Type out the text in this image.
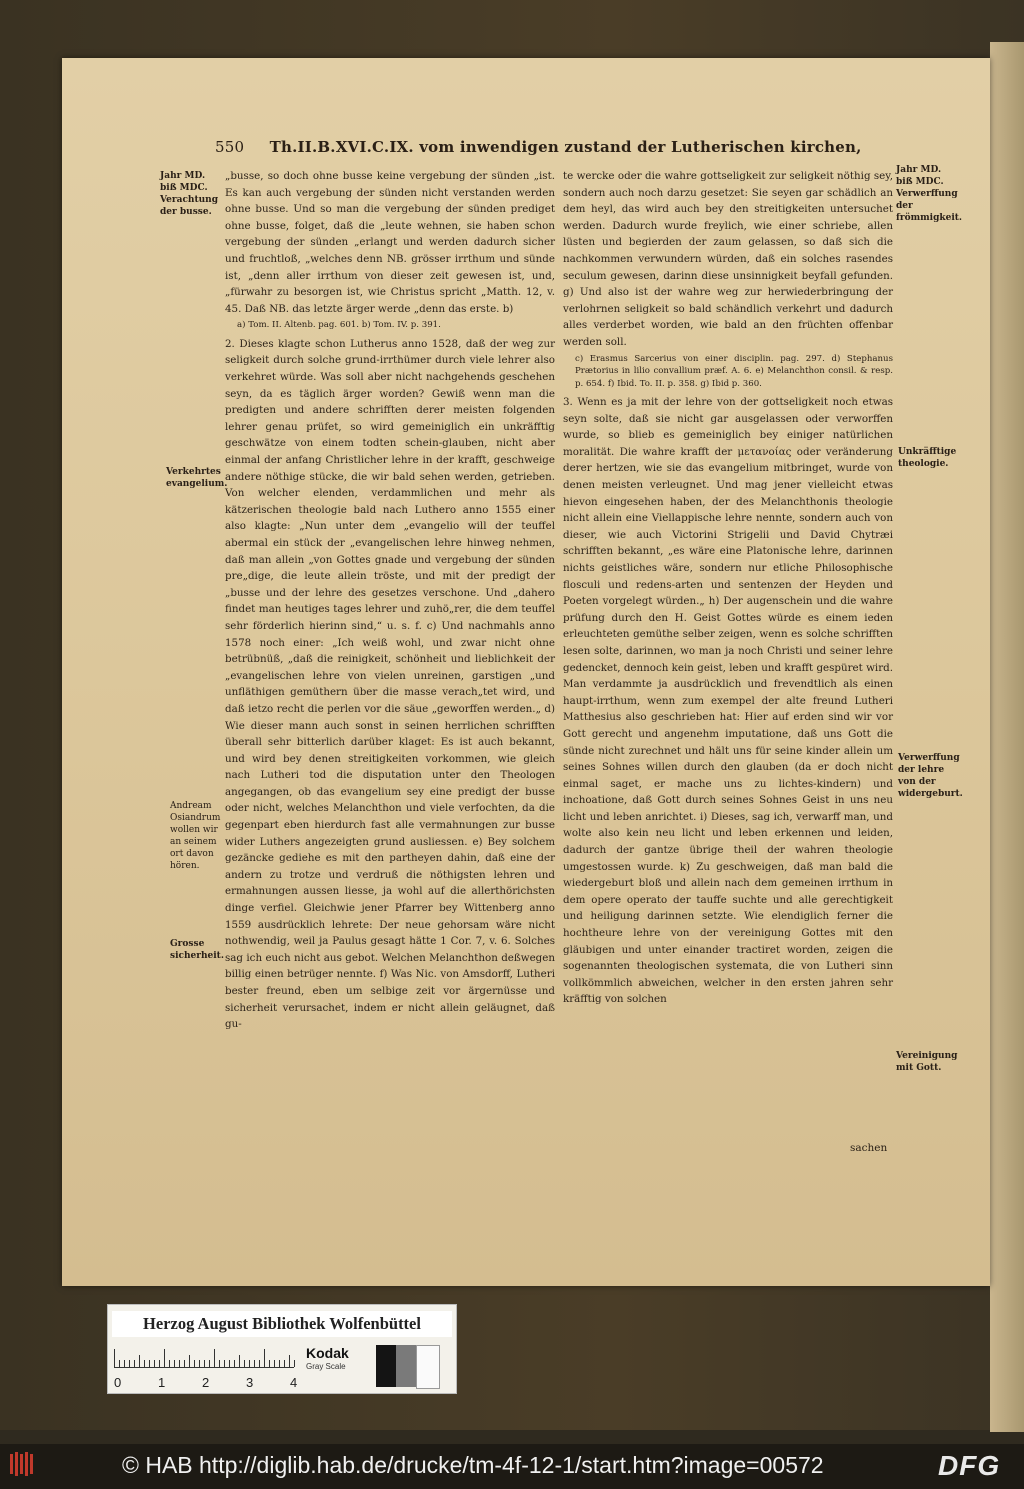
550 Th.II.B.XVI.C.IX. vom inwendigen zustand der Lutherischen kirchen,
Jahr MD. biß MDC. Verachtung der busse.
Verkehrtes evangelium.
Andream Osiandrum wollen wir an seinem ort davon hören.
Grosse sicherheit.
Jahr MD. biß MDC. Verwerffung der frömmigkeit.
Unkräfftige theologie.
Verwerffung der lehre von der widergeburt.
Vereinigung mit Gott.

„busse, so doch ohne busse keine vergebung der sünden „ist. Es kan auch vergebung der sünden nicht verstanden werden ohne busse. Und so man die vergebung der sünden prediget ohne busse, folget, daß die „leute wehnen, sie haben schon vergebung der sünden „erlangt und werden dadurch sicher und fruchtloß, „welches denn NB. grösser irrthum und sünde ist, „denn aller irrthum von dieser zeit gewesen ist, und, „fürwahr zu besorgen ist, wie Christus spricht „Matth. 12, v. 45. Daß NB. das letzte ärger werde „denn das erste. b)

a) Tom. II. Altenb. pag. 601. b) Tom. IV. p. 391.

2. Dieses klagte schon Lutherus anno 1528, daß der weg zur seligkeit durch solche grund-irrthümer durch viele lehrer also verkehret würde. Was soll aber nicht nachgehends geschehen seyn, da es täglich ärger worden? Gewiß wenn man die predigten und andere schrifften derer meisten folgenden lehrer genau prüfet, so wird gemeiniglich ein unkräfftig geschwätze von einem todten schein-glauben, nicht aber einmal der anfang Christlicher lehre in der krafft, geschweige andere nöthige stücke, die wir bald sehen werden, getrieben. Von welcher elenden, verdammlichen und mehr als kätzerischen theologie bald nach Luthero anno 1555 einer also klagte: „Nun unter dem „evangelio will der teuffel abermal ein stück der „evangelischen lehre hinweg nehmen, daß man allein „von Gottes gnade und vergebung der sünden pre„dige, die leute allein tröste, und mit der predigt der „busse und der lehre des gesetzes verschone. Und „dahero findet man heutiges tages lehrer und zuhö„rer, die dem teuffel sehr förderlich hierinn sind,“ u. s. f. c) Und nachmahls anno 1578 noch einer: „Ich weiß wohl, und zwar nicht ohne betrübnüß, „daß die reinigkeit, schönheit und lieblichkeit der „evangelischen lehre von vielen unreinen, garstigen „und unfläthigen gemüthern über die masse verach„tet wird, und daß ietzo recht die perlen vor die säue „geworffen werden.„ d) Wie dieser mann auch sonst in seinen herrlichen schrifften überall sehr bitterlich darüber klaget: Es ist auch bekannt, und wird bey denen streitigkeiten vorkommen, wie gleich nach Lutheri tod die disputation unter den Theologen angegangen, ob das evangelium sey eine predigt der busse oder nicht, welches Melanchthon und viele verfochten, da die gegenpart eben hierdurch fast alle vermahnungen zur busse wider Luthers angezeigten grund ausliessen. e) Bey solchem gezäncke gediehe es mit den partheyen dahin, daß eine der andern zu trotze und verdruß die nöthigsten lehren und ermahnungen aussen liesse, ja wohl auf die allerthörichsten dinge verfiel. Gleichwie jener Pfarrer bey Wittenberg anno 1559 ausdrücklich lehrete: Der neue gehorsam wäre nicht nothwendig, weil ja Paulus gesagt hätte 1 Cor. 7, v. 6. Solches sag ich euch nicht aus gebot. Welchen Melanchthon deßwegen billig einen betrüger nennte. f) Was Nic. von Amsdorff, Lutheri bester freund, eben um selbige zeit vor ärgernüsse und sicherheit verursachet, indem er nicht allein geläugnet, daß gu-

te wercke oder die wahre gottseligkeit zur seligkeit nöthig sey, sondern auch noch darzu gesetzet: Sie seyen gar schädlich an dem heyl, das wird auch bey den streitigkeiten untersuchet werden. Dadurch wurde freylich, wie einer schriebe, allen lüsten und begierden der zaum gelassen, so daß sich die nachkommen verwundern würden, daß ein solches rasendes seculum gewesen, darinn diese unsinnigkeit beyfall gefunden. g) Und also ist der wahre weg zur herwiederbringung der verlohrnen seligkeit so bald schändlich verkehrt und dadurch alles verderbet worden, wie bald an den früchten offenbar werden soll.

c) Erasmus Sarcerius von einer disciplin. pag. 297. d) Stephanus Prætorius in lilio convallium præf. A. 6. e) Melanchthon consil. & resp. p. 654. f) Ibid. To. II. p. 358. g) Ibid p. 360.

3. Wenn es ja mit der lehre von der gottseligkeit noch etwas seyn solte, daß sie nicht gar ausgelassen oder verworffen wurde, so blieb es gemeiniglich bey einiger natürlichen moralität. Die wahre krafft der μετανοίας oder veränderung derer hertzen, wie sie das evangelium mitbringet, wurde von denen meisten verleugnet. Und mag jener vielleicht etwas hievon eingesehen haben, der des Melanchthonis theologie nicht allein eine Viellappische lehre nennte, sondern auch von dieser, wie auch Victorini Strigelii und David Chytræi schrifften bekannt, „es wäre eine Platonische lehre, darinnen nichts geistliches wäre, sondern nur etliche Philosophische flosculi und redens-arten und sentenzen der Heyden und Poeten vorgelegt würden.„ h) Der augenschein und die wahre prüfung durch den H. Geist Gottes würde es einem ieden erleuchteten gemüthe selber zeigen, wenn es solche schrifften lesen solte, darinnen, wo man ja noch Christi und seiner lehre gedencket, dennoch kein geist, leben und krafft gespüret wird. Man verdammte ja ausdrücklich und frevendtlich als einen haupt-irrthum, wenn zum exempel der alte freund Lutheri Matthesius also geschrieben hat: Hier auf erden sind wir vor Gott gerecht und angenehm imputatione, daß uns Gott die sünde nicht zurechnet und hält uns für seine kinder allein um seines Sohnes willen durch den glauben (da er doch nicht einmal saget, er mache uns zu lichtes-kindern) und inchoatione, daß Gott durch seines Sohnes Geist in uns neu licht und leben anrichtet. i) Dieses, sag ich, verwarff man, und wolte also kein neu licht und leben erkennen und leiden, dadurch der gantze übrige theil der wahren theologie umgestossen wurde. k) Zu geschweigen, daß man bald die wiedergeburt bloß und allein nach dem gemeinen irrthum in dem opere operato der tauffe suchte und alle gerechtigkeit und heiligung darinnen setzte. Wie elendiglich ferner die hochtheure lehre von der vereinigung Gottes mit den gläubigen und unter einander tractiret worden, zeigen die sogenannten theologischen systemata, die von Lutheri sinn vollkömmlich abweichen, welcher in den ersten jahren sehr kräfftig von solchen

sachen
Herzog August Bibliothek Wolfenbüttel
0	1	2	3	4
Kodak
Gray Scale
© HAB http://diglib.hab.de/drucke/tm-4f-12-1/start.htm?image=00572	DFG
